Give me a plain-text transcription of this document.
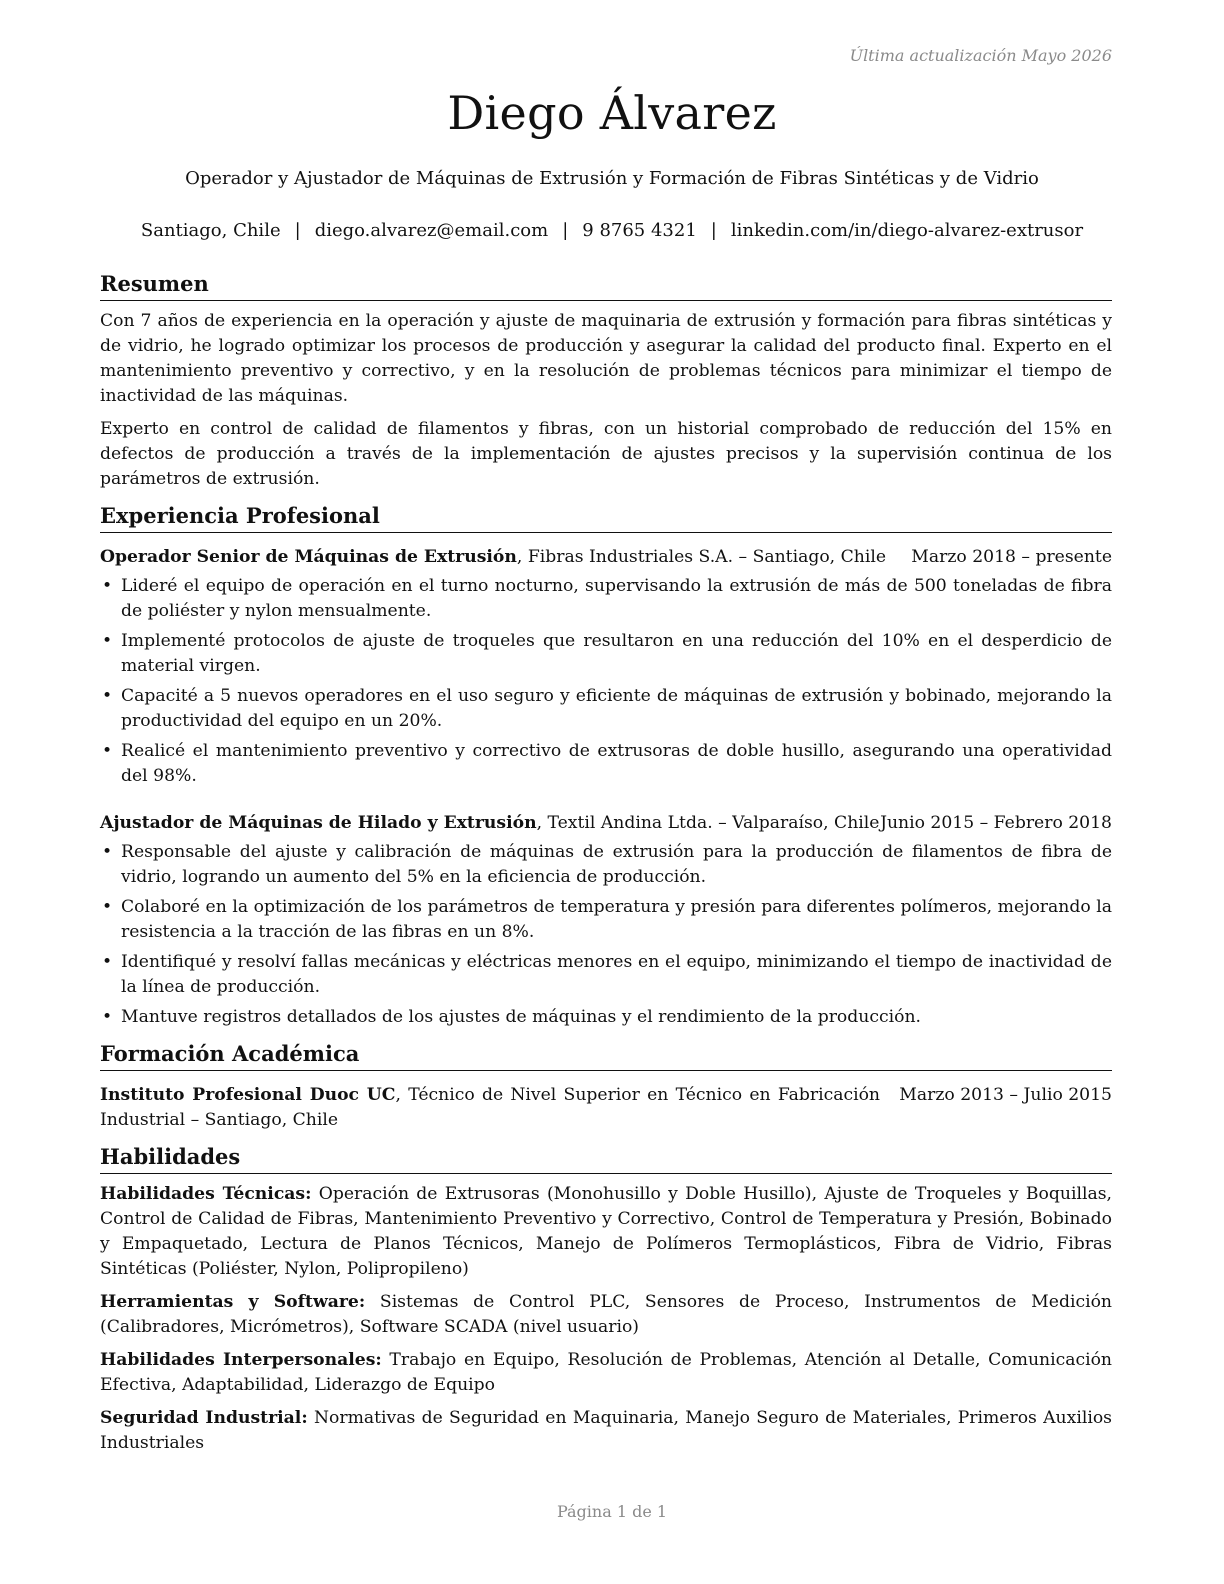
Última actualización Mayo 2026
Diego Álvarez
Operador y Ajustador de Máquinas de Extrusión y Formación de Fibras Sintéticas y de Vidrio
Santiago, Chile | diego.alvarez@email.com | 9 8765 4321 | linkedin.com/in/diego-alvarez-extrusor
Resumen

Con 7 años de experiencia en la operación y ajuste de maquinaria de extrusión y formación para fibras sintéticas y de vidrio, he logrado optimizar los procesos de producción y asegurar la calidad del producto final. Experto en el mantenimiento preventivo y correctivo, y en la resolución de problemas técnicos para minimizar el tiempo de inactividad de las máquinas.

Experto en control de calidad de filamentos y fibras, con un historial comprobado de reducción del 15% en defectos de producción a través de la implementación de ajustes precisos y la supervisión continua de los parámetros de extrusión.

Experiencia Profesional
Operador Senior de Máquinas de Extrusión, Fibras Industriales S.A. – Santiago, Chile Marzo 2018 – presente
• Lideré el equipo de operación en el turno nocturno, supervisando la extrusión de más de 500 toneladas de fibra de poliéster y nylon mensualmente.
• Implementé protocolos de ajuste de troqueles que resultaron en una reducción del 10% en el desperdicio de material virgen.
• Capacité a 5 nuevos operadores en el uso seguro y eficiente de máquinas de extrusión y bobinado, mejorando la productividad del equipo en un 20%.
• Realicé el mantenimiento preventivo y correctivo de extrusoras de doble husillo, asegurando una operatividad del 98%.
Ajustador de Máquinas de Hilado y Extrusión, Textil Andina Ltda. – Valparaíso, Chile Junio 2015 – Febrero 2018
• Responsable del ajuste y calibración de máquinas de extrusión para la producción de filamentos de fibra de vidrio, logrando un aumento del 5% en la eficiencia de producción.
• Colaboré en la optimización de los parámetros de temperatura y presión para diferentes polímeros, mejorando la resistencia a la tracción de las fibras en un 8%.
• Identifiqué y resolví fallas mecánicas y eléctricas menores en el equipo, minimizando el tiempo de inactividad de la línea de producción.
• Mantuve registros detallados de los ajustes de máquinas y el rendimiento de la producción.
Formación Académica
Instituto Profesional Duoc UC, Técnico de Nivel Superior en Técnico en Fabricación Industrial – Santiago, Chile
Marzo 2013 – Julio 2015
Habilidades
Habilidades Técnicas: Operación de Extrusoras (Monohusillo y Doble Husillo), Ajuste de Troqueles y Boquillas, Control de Calidad de Fibras, Mantenimiento Preventivo y Correctivo, Control de Temperatura y Presión, Bobinado y Empaquetado, Lectura de Planos Técnicos, Manejo de Polímeros Termoplásticos, Fibra de Vidrio, Fibras Sintéticas (Poliéster, Nylon, Polipropileno)
Herramientas y Software: Sistemas de Control PLC, Sensores de Proceso, Instrumentos de Medición (Calibradores, Micrómetros), Software SCADA (nivel usuario)
Habilidades Interpersonales: Trabajo en Equipo, Resolución de Problemas, Atención al Detalle, Comunicación Efectiva, Adaptabilidad, Liderazgo de Equipo
Seguridad Industrial: Normativas de Seguridad en Maquinaria, Manejo Seguro de Materiales, Primeros Auxilios Industriales
Página 1 de 1
